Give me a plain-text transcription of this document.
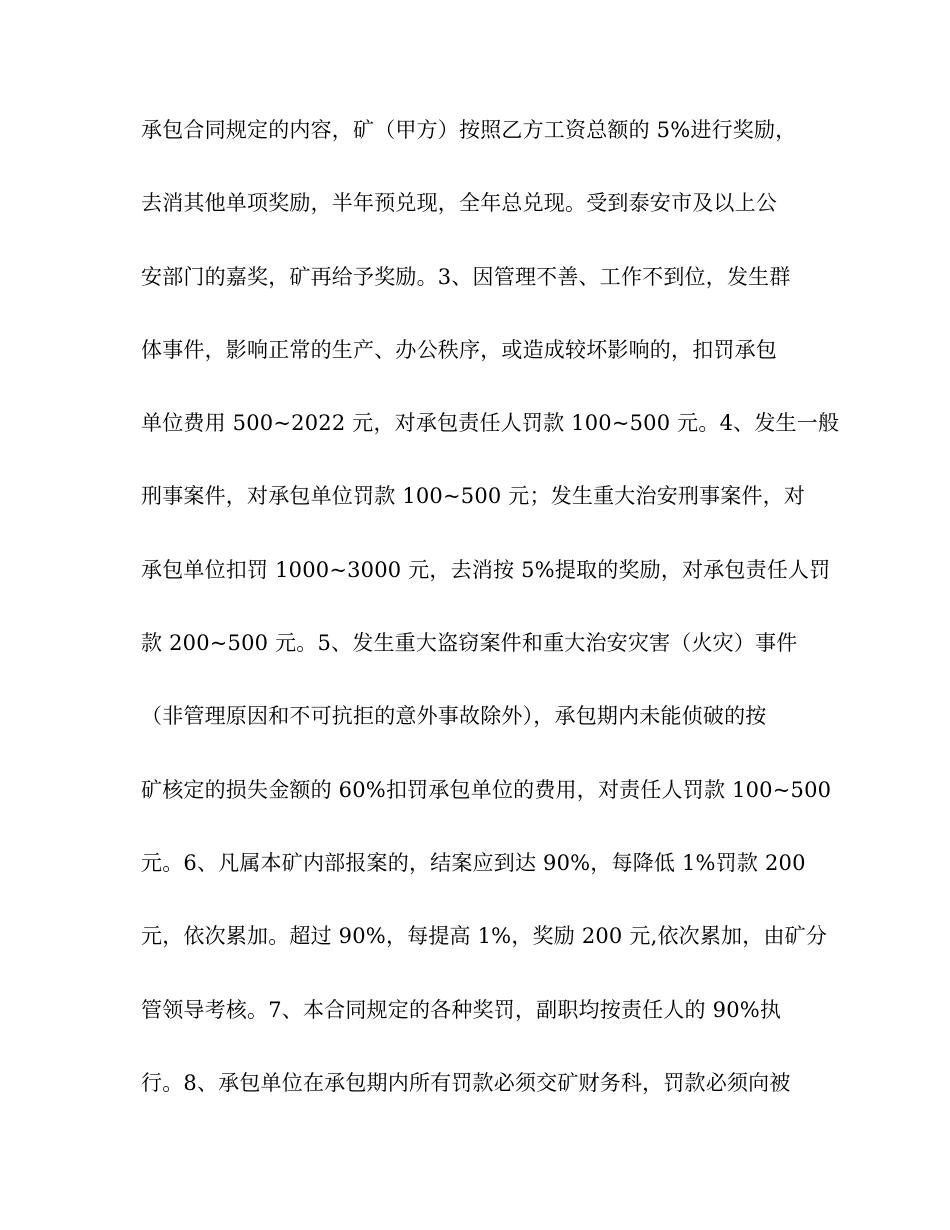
承包合同规定的内容，矿（甲方）按照乙方工资总额的 5%进行奖励，
去消其他单项奖励，半年预兑现，全年总兑现。受到泰安市及以上公
安部门的嘉奖，矿再给予奖励。3、因管理不善、工作不到位，发生群
体事件，影响正常的生产、办公秩序，或造成较坏影响的，扣罚承包
单位费用 500~2022 元，对承包责任人罚款 100~500 元。4、发生一般
刑事案件，对承包单位罚款 100~500 元；发生重大治安刑事案件，对
承包单位扣罚 1000~3000 元，去消按 5%提取的奖励，对承包责任人罚
款 200~500 元。5、发生重大盗窃案件和重大治安灾害（火灾）事件
（非管理原因和不可抗拒的意外事故除外），承包期内未能侦破的按
矿核定的损失金额的 60%扣罚承包单位的费用，对责任人罚款 100~500
元。6、凡属本矿内部报案的，结案应到达 90%，每降低 1%罚款 200
元，依次累加。超过 90%，每提高 1%，奖励 200 元,依次累加，由矿分
管领导考核。7、本合同规定的各种奖罚，副职均按责任人的 90%执
行。8、承包单位在承包期内所有罚款必须交矿财务科，罚款必须向被
